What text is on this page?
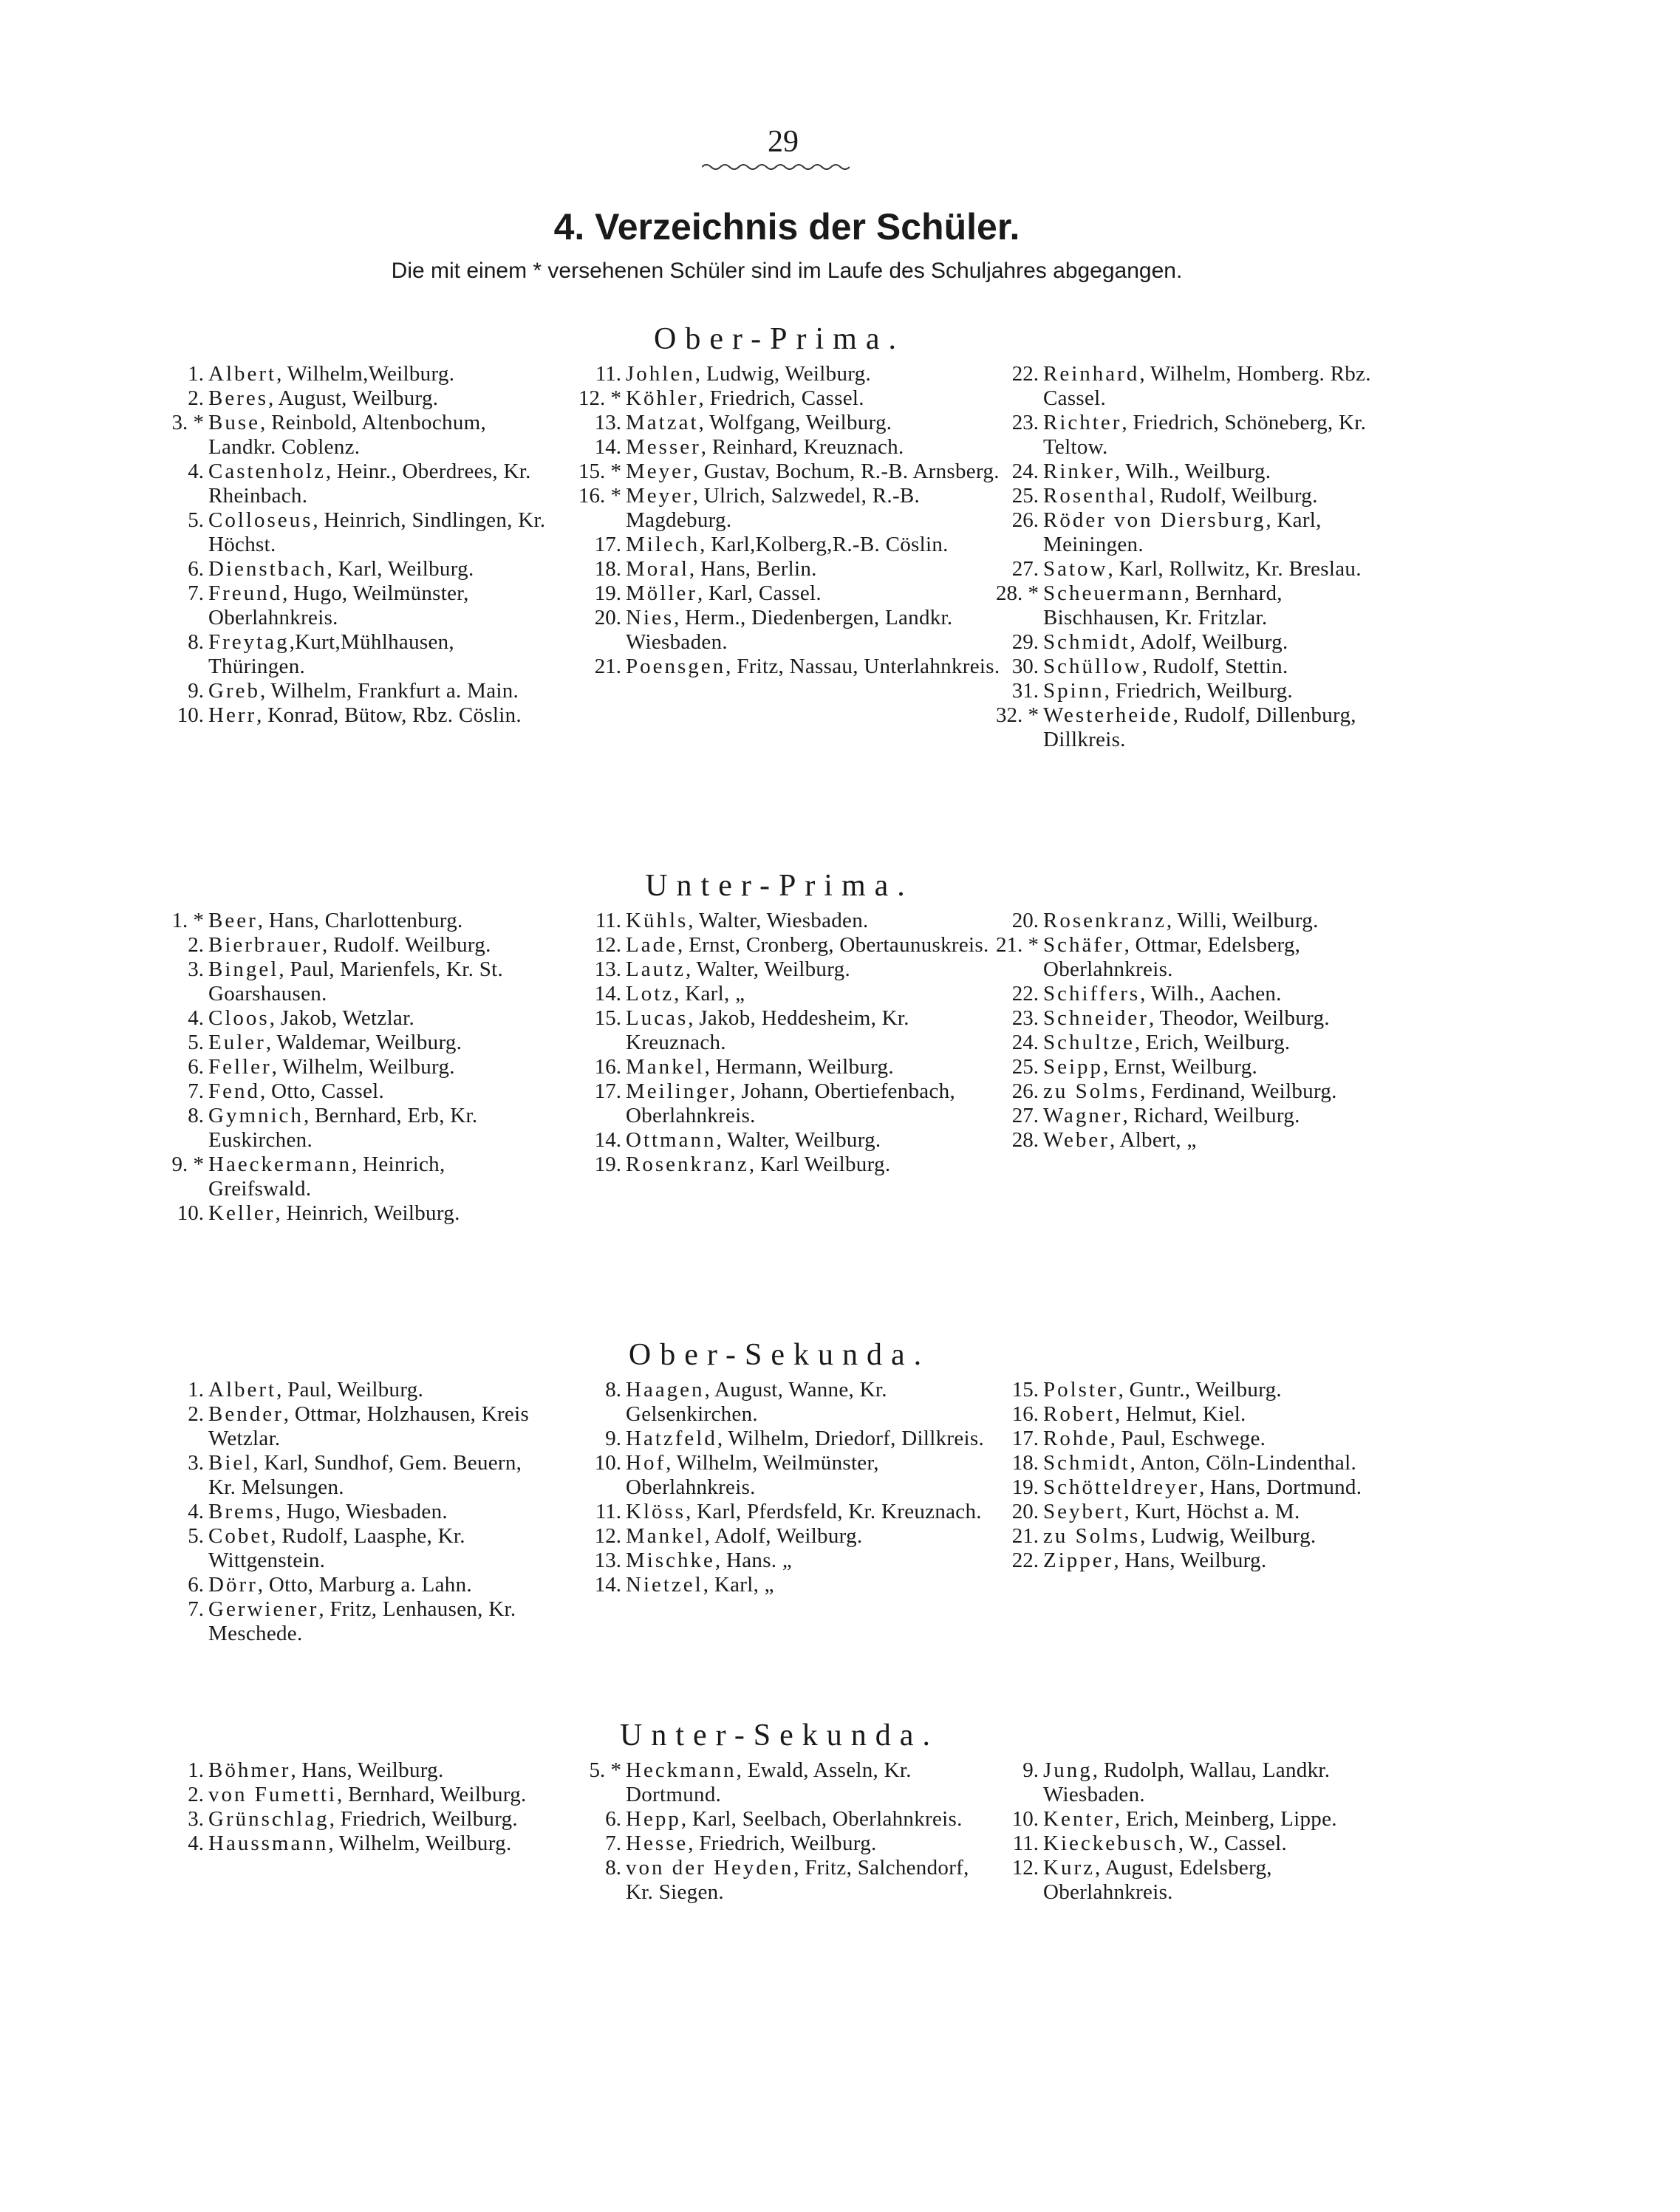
29
4. Verzeichnis der Schüler.
Die mit einem * versehenen Schüler sind im Laufe des Schuljahres abgegangen.
Ober-Prima.
1. Albert, Wilhelm,Weilburg.
2. Beres, August, Weilburg.
3. * Buse, Reinbold, Altenbochum, Landkr. Coblenz.
4. Castenholz, Heinr., Oberdrees, Kr. Rheinbach.
5. Colloseus, Heinrich, Sindlingen, Kr. Höchst.
6. Dienstbach, Karl, Weilburg.
7. Freund, Hugo, Weilmünster, Oberlahnkreis.
8. Freytag,Kurt,Mühlhausen, Thüringen.
9. Greb, Wilhelm, Frankfurt a. Main.
10. Herr, Konrad, Bütow, Rbz. Cöslin.
11. Johlen, Ludwig, Weilburg.
12. * Köhler, Friedrich, Cassel.
13. Matzat, Wolfgang, Weilburg.
14. Messer, Reinhard, Kreuznach.
15. * Meyer, Gustav, Bochum, R.-B. Arnsberg.
16. * Meyer, Ulrich, Salzwedel, R.-B. Magdeburg.
17. Milech, Karl,Kolberg,R.-B. Cöslin.
18. Moral, Hans, Berlin.
19. Möller, Karl, Cassel.
20. Nies, Herm., Diedenbergen, Landkr. Wiesbaden.
21. Poensgen, Fritz, Nassau, Unterlahnkreis.
22. Reinhard, Wilhelm, Homberg. Rbz. Cassel.
23. Richter, Friedrich, Schöneberg, Kr. Teltow.
24. Rinker, Wilh., Weilburg.
25. Rosenthal, Rudolf, Weilburg.
26. Röder von Diersburg, Karl, Meiningen.
27. Satow, Karl, Rollwitz, Kr. Breslau.
28. * Scheuermann, Bernhard, Bischhausen, Kr. Fritzlar.
29. Schmidt, Adolf, Weilburg.
30. Schüllow, Rudolf, Stettin.
31. Spinn, Friedrich, Weilburg.
32. * Westerheide, Rudolf, Dillenburg, Dillkreis.
Unter-Prima.
1. * Beer, Hans, Charlottenburg.
2. Bierbrauer, Rudolf. Weilburg.
3. Bingel, Paul, Marienfels, Kr. St. Goarshausen.
4. Cloos, Jakob, Wetzlar.
5. Euler, Waldemar, Weilburg.
6. Feller, Wilhelm, Weilburg.
7. Fend, Otto, Cassel.
8. Gymnich, Bernhard, Erb, Kr. Euskirchen.
9. * Haeckermann, Heinrich, Greifswald.
10. Keller, Heinrich, Weilburg.
11. Kühls, Walter, Wiesbaden.
12. Lade, Ernst, Cronberg, Obertaunuskreis.
13. Lautz, Walter, Weilburg.
14. Lotz, Karl, „
15. Lucas, Jakob, Heddesheim, Kr. Kreuznach.
16. Mankel, Hermann, Weilburg.
17. Meilinger, Johann, Obertiefenbach, Oberlahnkreis.
14. Ottmann, Walter, Weilburg.
19. Rosenkranz, Karl Weilburg.
20. Rosenkranz, Willi, Weilburg.
21. * Schäfer, Ottmar, Edelsberg, Oberlahnkreis.
22. Schiffers, Wilh., Aachen.
23. Schneider, Theodor, Weilburg.
24. Schultze, Erich, Weilburg.
25. Seipp, Ernst, Weilburg.
26. zu Solms, Ferdinand, Weilburg.
27. Wagner, Richard, Weilburg.
28. Weber, Albert, „
Ober-Sekunda.
1. Albert, Paul, Weilburg.
2. Bender, Ottmar, Holzhausen, Kreis Wetzlar.
3. Biel, Karl, Sundhof, Gem. Beuern, Kr. Melsungen.
4. Brems, Hugo, Wiesbaden.
5. Cobet, Rudolf, Laasphe, Kr. Wittgenstein.
6. Dörr, Otto, Marburg a. Lahn.
7. Gerwiener, Fritz, Lenhausen, Kr. Meschede.
8. Haagen, August, Wanne, Kr. Gelsenkirchen.
9. Hatzfeld, Wilhelm, Driedorf, Dillkreis.
10. Hof, Wilhelm, Weilmünster, Oberlahnkreis.
11. Klöss, Karl, Pferdsfeld, Kr. Kreuznach.
12. Mankel, Adolf, Weilburg.
13. Mischke, Hans. „
14. Nietzel, Karl, „
15. Polster, Guntr., Weilburg.
16. Robert, Helmut, Kiel.
17. Rohde, Paul, Eschwege.
18. Schmidt, Anton, Cöln-Lindenthal.
19. Schötteldreyer, Hans, Dortmund.
20. Seybert, Kurt, Höchst a. M.
21. zu Solms, Ludwig, Weilburg.
22. Zipper, Hans, Weilburg.
Unter-Sekunda.
1. Böhmer, Hans, Weilburg.
2. von Fumetti, Bernhard, Weilburg.
3. Grünschlag, Friedrich, Weilburg.
4. Haussmann, Wilhelm, Weilburg.
5. * Heckmann, Ewald, Asseln, Kr. Dortmund.
6. Hepp, Karl, Seelbach, Oberlahnkreis.
7. Hesse, Friedrich, Weilburg.
8. von der Heyden, Fritz, Salchendorf, Kr. Siegen.
9. Jung, Rudolph, Wallau, Landkr. Wiesbaden.
10. Kenter, Erich, Meinberg, Lippe.
11. Kieckebusch, W., Cassel.
12. Kurz, August, Edelsberg, Oberlahnkreis.
